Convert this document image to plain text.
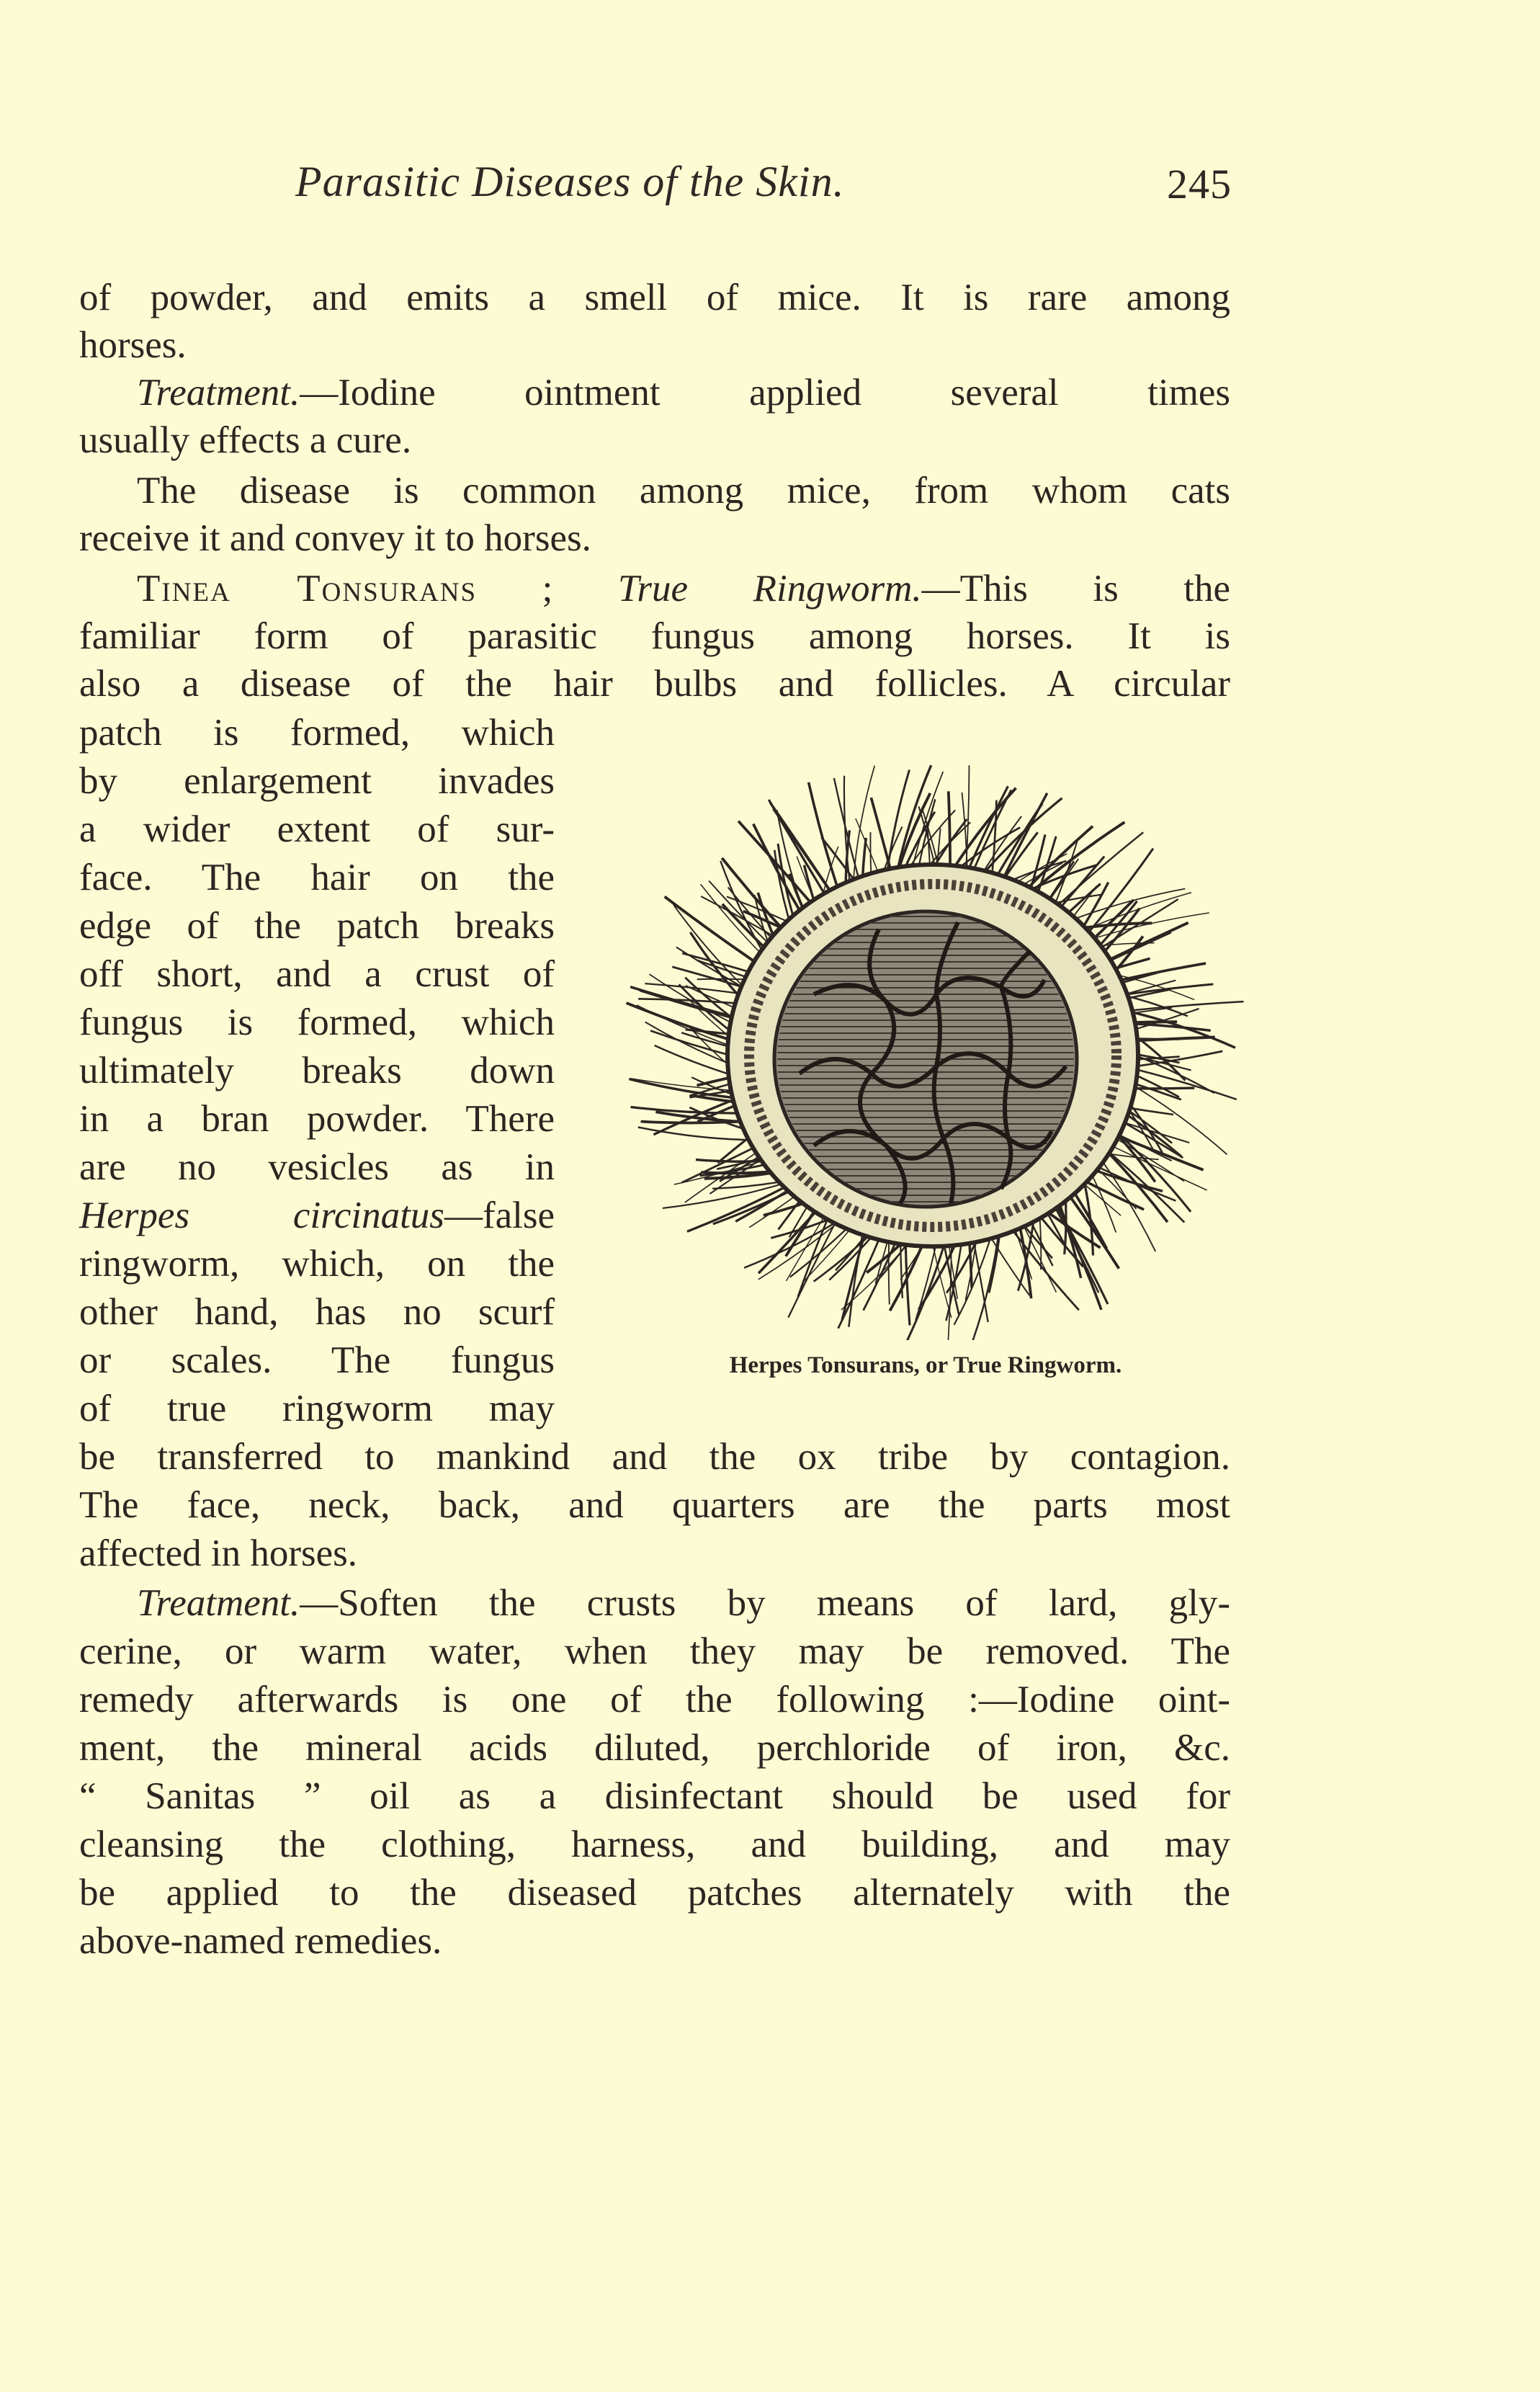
Parasitic Diseases of the Skin.	245
of powder, and emits a smell of mice. It is rare among
horses.
Treatment.—Iodine ointment applied several times
usually effects a cure.
The disease is common among mice, from whom cats
receive it and convey it to horses.
Tinea Tonsurans ; True Ringworm.—This is the
familiar form of parasitic fungus among horses. It is
also a disease of the hair bulbs and follicles. A circular
patch is formed, which
by enlargement invades
a wider extent of sur-
face. The hair on the
edge of the patch breaks
off short, and a crust of
fungus is formed, which
ultimately breaks down
in a bran powder. There
are no vesicles as in
Herpes circinatus—false
ringworm, which, on the
other hand, has no scurf
or scales. The fungus
of true ringworm may
be transferred to mankind and the ox tribe by contagion.
The face, neck, back, and quarters are the parts most
affected in horses.
Treatment.—Soften the crusts by means of lard, gly-
cerine, or warm water, when they may be removed. The
remedy afterwards is one of the following :—Iodine oint-
ment, the mineral acids diluted, perchloride of iron, &c.
“ Sanitas ” oil as a disinfectant should be used for
cleansing the clothing, harness, and building, and may
be applied to the diseased patches alternately with the
above-named remedies.
Herpes Tonsurans, or True Ringworm.
